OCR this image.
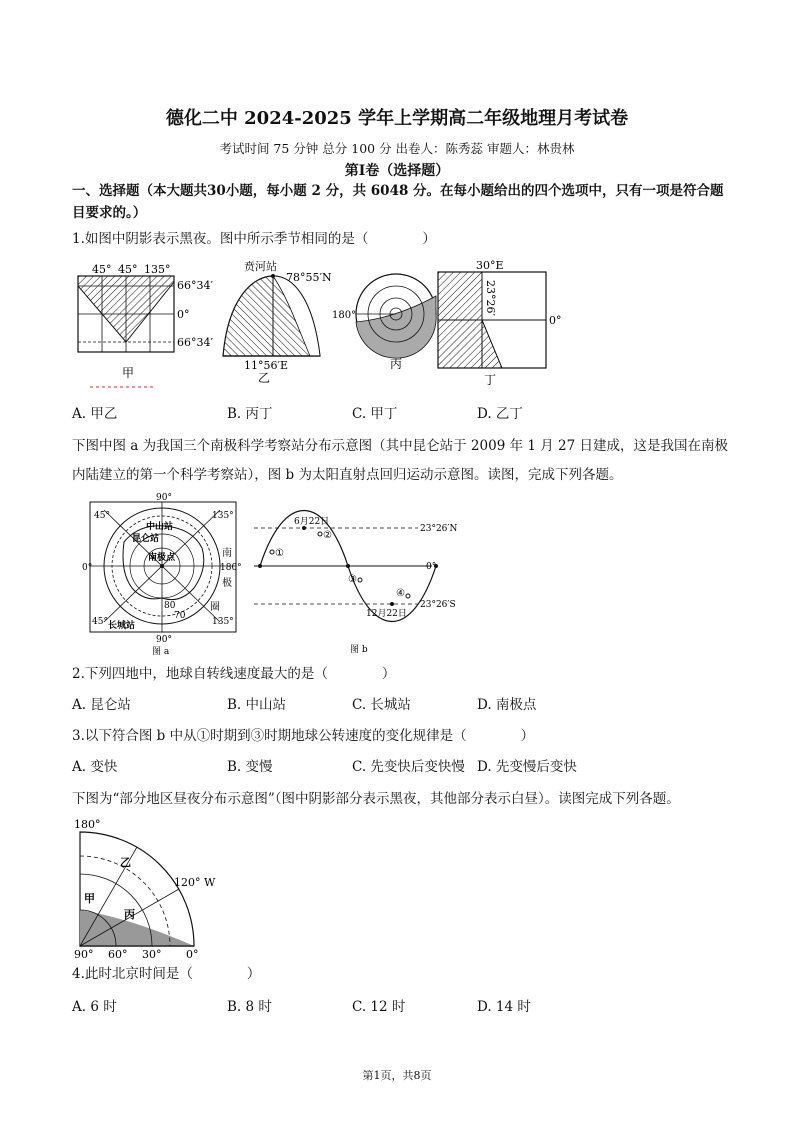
德化二中 2024-2025 学年上学期高二年级地理月考试卷
考试时间 75 分钟 总分 100 分 出卷人：陈秀蕊 审题人：林贵林
第Ⅰ卷（选择题）
一、选择题（本大题共30小题，每小题 2 分，共 6048 分。在每小题给出的四个选项中，只有一项是符合题目要求的。）
1.如图中阴影表示黑夜。图中所示季节相同的是（　　　　）
45° 45° 135°
66°34′
0°
66°34′
甲
贲河站
78°55′N
11°56′E
乙
180°
丙
30°E
23°26′
0°
丁
A. 甲乙	B. 丙丁	C. 甲丁	D. 乙丁
下图中图 a 为我国三个南极科学考察站分布示意图（其中昆仑站于 2009 年 1 月 27 日建成，这是我国在南极内陆建立的第一个科学考察站），图 b 为太阳直射点回归运动示意图。读图，完成下列各题。
90°
90°
0°	180°
45°	135°
45°	135°
中山站
昆仑站
南极点
长城站
80
70
南
极
圈
图 a
6月22日
12月22日
23°26′N
0°
23°26′S
①
②
③
④
图 b
2.下列四地中，地球自转线速度最大的是（　　　　）
A. 昆仑站	B. 中山站	C. 长城站	D. 南极点
3.以下符合图 b 中从①时期到③时期地球公转速度的变化规律是（　　　　）
A. 变快	B. 变慢	C. 先变快后变快慢 D. 先变慢后变快
下图为“部分地区昼夜分布示意图”（图中阴影部分表示黑夜，其他部分表示白昼）。读图完成下列各题。
180°
120° W
甲
乙
丙
90° 60° 30° 0°
4.此时北京时间是（　　　　）
A. 6 时	B. 8 时	C. 12 时	D. 14 时
第1页，共8页
